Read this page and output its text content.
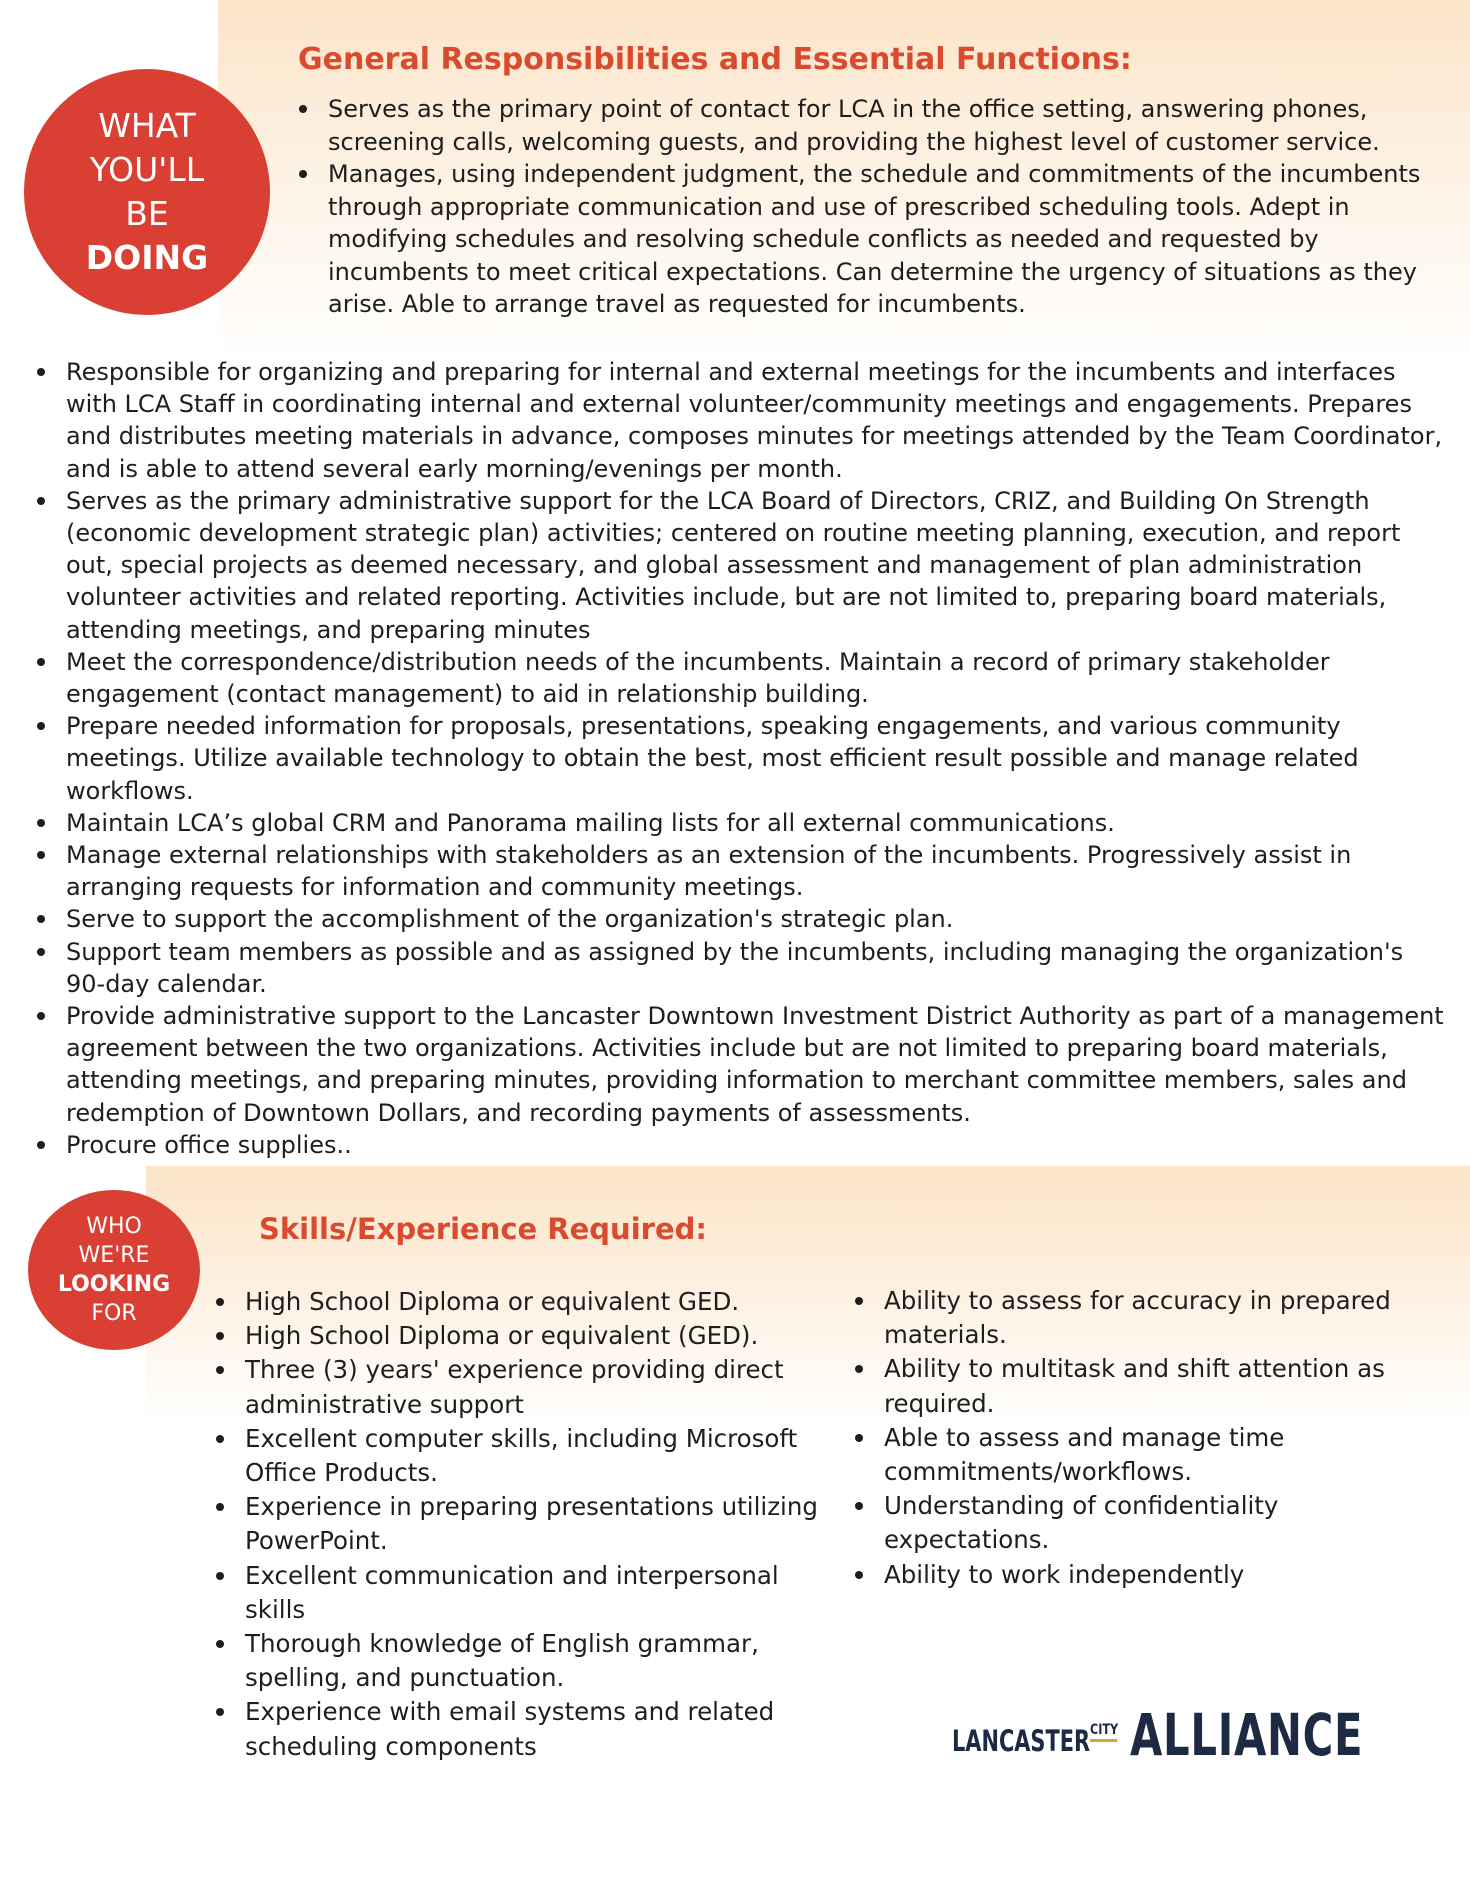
WHAT
YOU'LL
BE
DOING
General Responsibilities and Essential Functions:
Serves as the primary point of contact for LCA in the office setting, answering phones, screening calls, welcoming guests, and providing the highest level of customer service.
Manages, using independent judgment, the schedule and commitments of the incumbents through appropriate communication and use of prescribed scheduling tools. Adept in modifying schedules and resolving schedule conflicts as needed and requested by incumbents to meet critical expectations. Can determine the urgency of situations as they arise. Able to arrange travel as requested for incumbents.
Responsible for organizing and preparing for internal and external meetings for the incumbents and interfaces with LCA Staff in coordinating internal and external volunteer/community meetings and engagements. Prepares and distributes meeting materials in advance, composes minutes for meetings attended by the Team Coordinator, and is able to attend several early morning/evenings per month.
Serves as the primary administrative support for the LCA Board of Directors, CRIZ, and Building On Strength (economic development strategic plan) activities; centered on routine meeting planning, execution, and report out, special projects as deemed necessary, and global assessment and management of plan administration volunteer activities and related reporting. Activities include, but are not limited to, preparing board materials, attending meetings, and preparing minutes
Meet the correspondence/distribution needs of the incumbents. Maintain a record of primary stakeholder engagement (contact management) to aid in relationship building.
Prepare needed information for proposals, presentations, speaking engagements, and various community meetings. Utilize available technology to obtain the best, most efficient result possible and manage related workflows.
Maintain LCA’s global CRM and Panorama mailing lists for all external communications.
Manage external relationships with stakeholders as an extension of the incumbents. Progressively assist in arranging requests for information and community meetings.
Serve to support the accomplishment of the organization's strategic plan.
Support team members as possible and as assigned by the incumbents, including managing the organization's 90-day calendar.
Provide administrative support to the Lancaster Downtown Investment District Authority as part of a management agreement between the two organizations. Activities include but are not limited to preparing board materials, attending meetings, and preparing minutes, providing information to merchant committee members, sales and redemption of Downtown Dollars, and recording payments of assessments.
Procure office supplies..
WHO
WE'RE
LOOKING
FOR
Skills/Experience Required:
High School Diploma or equivalent GED.
High School Diploma or equivalent (GED).
Three (3) years' experience providing direct administrative support
Excellent computer skills, including Microsoft Office Products.
Experience in preparing presentations utilizing PowerPoint.
Excellent communication and interpersonal skills
Thorough knowledge of English grammar, spelling, and punctuation.
Experience with email systems and related scheduling components
Ability to assess for accuracy in prepared materials.
Ability to multitask and shift attention as required.
Able to assess and manage time commitments/workflows.
Understanding of confidentiality expectations.
Ability to work independently
LANCASTER CITY ALLIANCE
